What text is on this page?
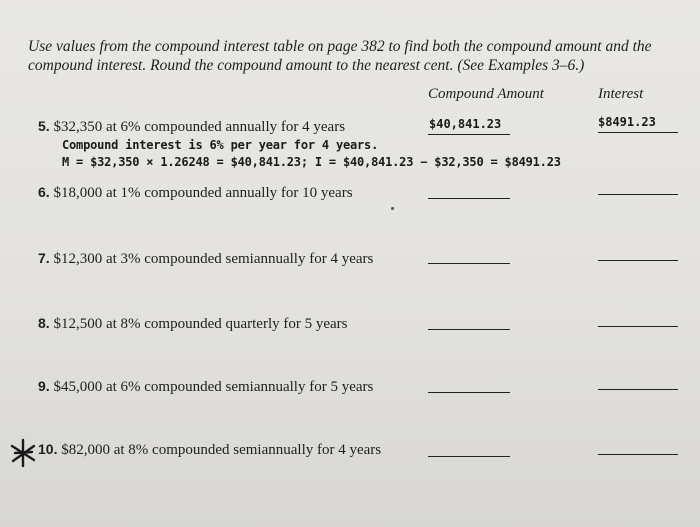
Use values from the compound interest table on page 382 to find both the compound amount and the compound interest. Round the compound amount to the nearest cent. (See Examples 3–6.)

Compound Amount	Interest
5. $32,350 at 6% compounded annually for 4 years	$40,841.23	$8491.23
Compound interest is 6% per year for 4 years.
M = $32,350 × 1.26248 = $40,841.23; I = $40,841.23 − $32,350 = $8491.23
6. $18,000 at 1% compounded annually for 10 years
7. $12,300 at 3% compounded semiannually for 4 years
8. $12,500 at 8% compounded quarterly for 5 years
9. $45,000 at 6% compounded semiannually for 5 years
10. $82,000 at 8% compounded semiannually for 4 years
